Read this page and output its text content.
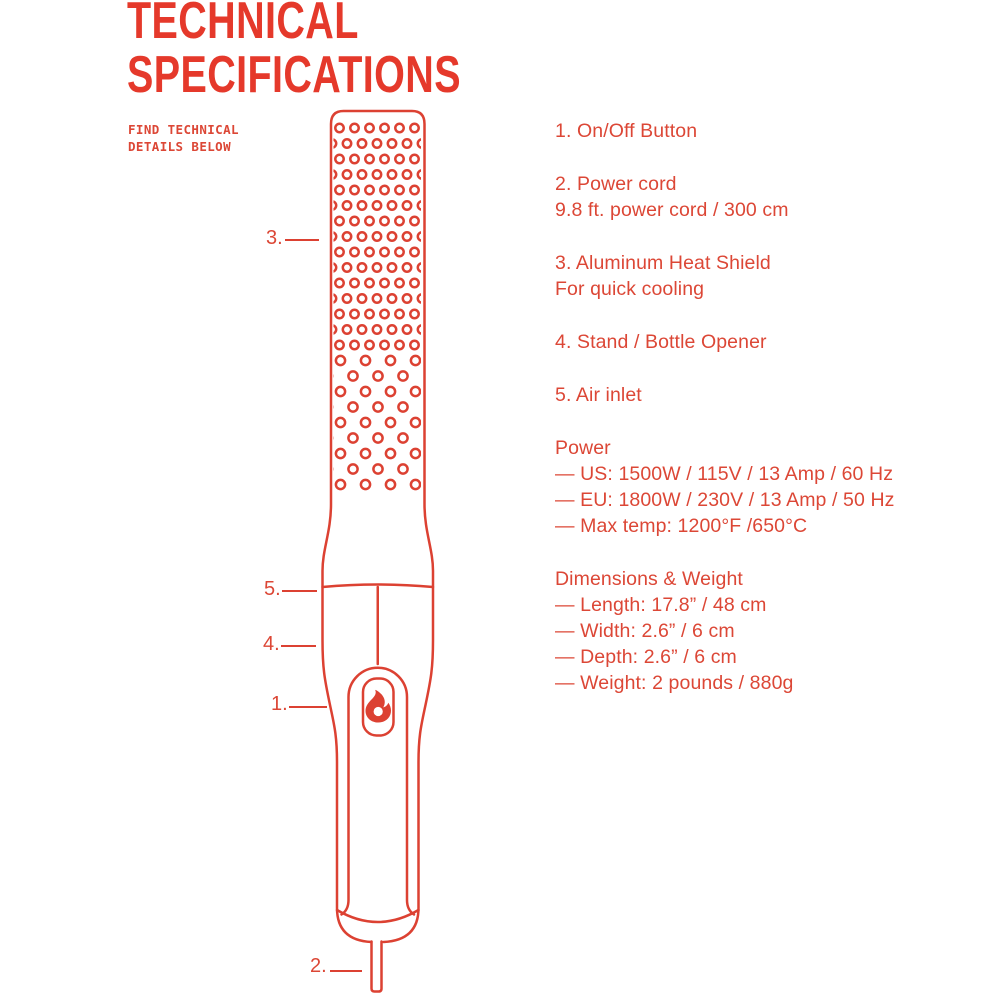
TECHNICAL
SPECIFICATIONS
FIND TECHNICAL
DETAILS BELOW
3.
5.
4.
1.
2.
1. On/Off Button
2. Power cord
9.8 ft. power cord / 300 cm
3. Aluminum Heat Shield
For quick cooling
4. Stand / Bottle Opener
5. Air inlet
Power
— US: 1500W / 115V / 13 Amp / 60 Hz
— EU: 1800W / 230V / 13 Amp / 50 Hz
— Max temp: 1200°F /650°C
Dimensions & Weight
— Length: 17.8” / 48 cm
— Width: 2.6” / 6 cm
— Depth: 2.6” / 6 cm
— Weight: 2 pounds / 880g
